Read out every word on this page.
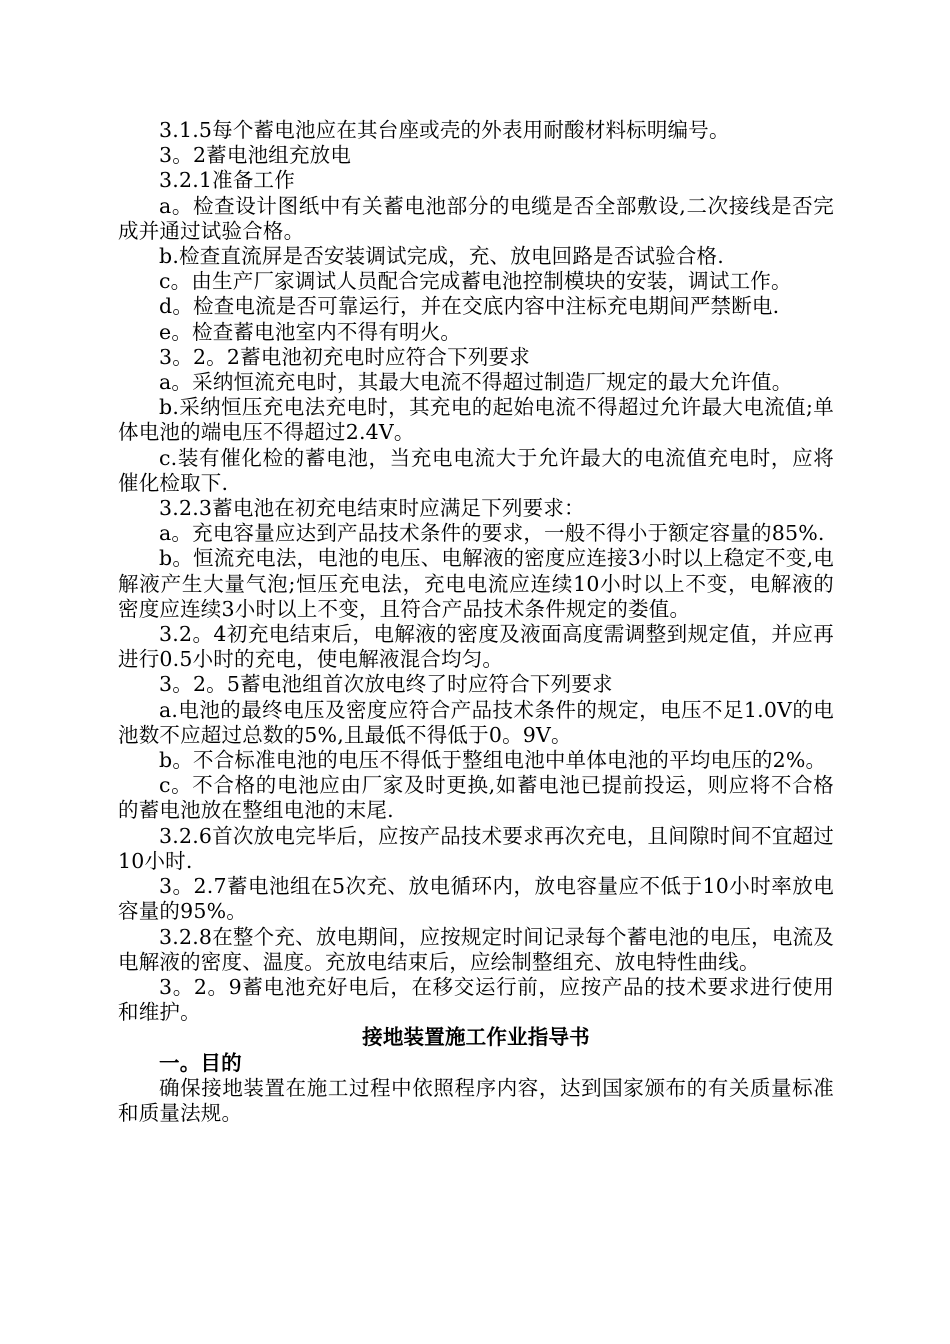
3.1.5每个蓄电池应在其台座或壳的外表用耐酸材料标明编号。

3。2蓄电池组充放电

3.2.1准备工作

a。检查设计图纸中有关蓄电池部分的电缆是否全部敷设,二次接线是否完成并通过试验合格。

b.检查直流屏是否安装调试完成，充、放电回路是否试验合格.

c。由生产厂家调试人员配合完成蓄电池控制模块的安装，调试工作。

d。检查电流是否可靠运行，并在交底内容中注标充电期间严禁断电.

e。检查蓄电池室内不得有明火。

3。2。2蓄电池初充电时应符合下列要求

a。采纳恒流充电时，其最大电流不得超过制造厂规定的最大允许值。

b.采纳恒压充电法充电时，其充电的起始电流不得超过允许最大电流值;单体电池的端电压不得超过2.4V。

c.装有催化检的蓄电池，当充电电流大于允许最大的电流值充电时，应将催化检取下.

3.2.3蓄电池在初充电结束时应满足下列要求：

a。充电容量应达到产品技术条件的要求，一般不得小于额定容量的85%.

b。恒流充电法，电池的电压、电解液的密度应连接3小时以上稳定不变,电解液产生大量气泡;恒压充电法，充电电流应连续10小时以上不变，电解液的密度应连续3小时以上不变，且符合产品技术条件规定的娄值。

3.2。4初充电结束后，电解液的密度及液面高度需调整到规定值，并应再进行0.5小时的充电，使电解液混合均匀。

3。2。5蓄电池组首次放电终了时应符合下列要求

a.电池的最终电压及密度应符合产品技术条件的规定，电压不足1.0V的电池数不应超过总数的5%,且最低不得低于0。9V。

b。不合标准电池的电压不得低于整组电池中单体电池的平均电压的2%。

c。不合格的电池应由厂家及时更换,如蓄电池已提前投运，则应将不合格的蓄电池放在整组电池的末尾.

3.2.6首次放电完毕后，应按产品技术要求再次充电，且间隙时间不宜超过10小时.

3。2.7蓄电池组在5次充、放电循环内，放电容量应不低于10小时率放电容量的95%。

3.2.8在整个充、放电期间，应按规定时间记录每个蓄电池的电压，电流及电解液的密度、温度。充放电结束后，应绘制整组充、放电特性曲线。

3。2。9蓄电池充好电后，在移交运行前，应按产品的技术要求进行使用和维护。

接地装置施工作业指导书

一。目的

确保接地装置在施工过程中依照程序内容，达到国家颁布的有关质量标准和质量法规。
